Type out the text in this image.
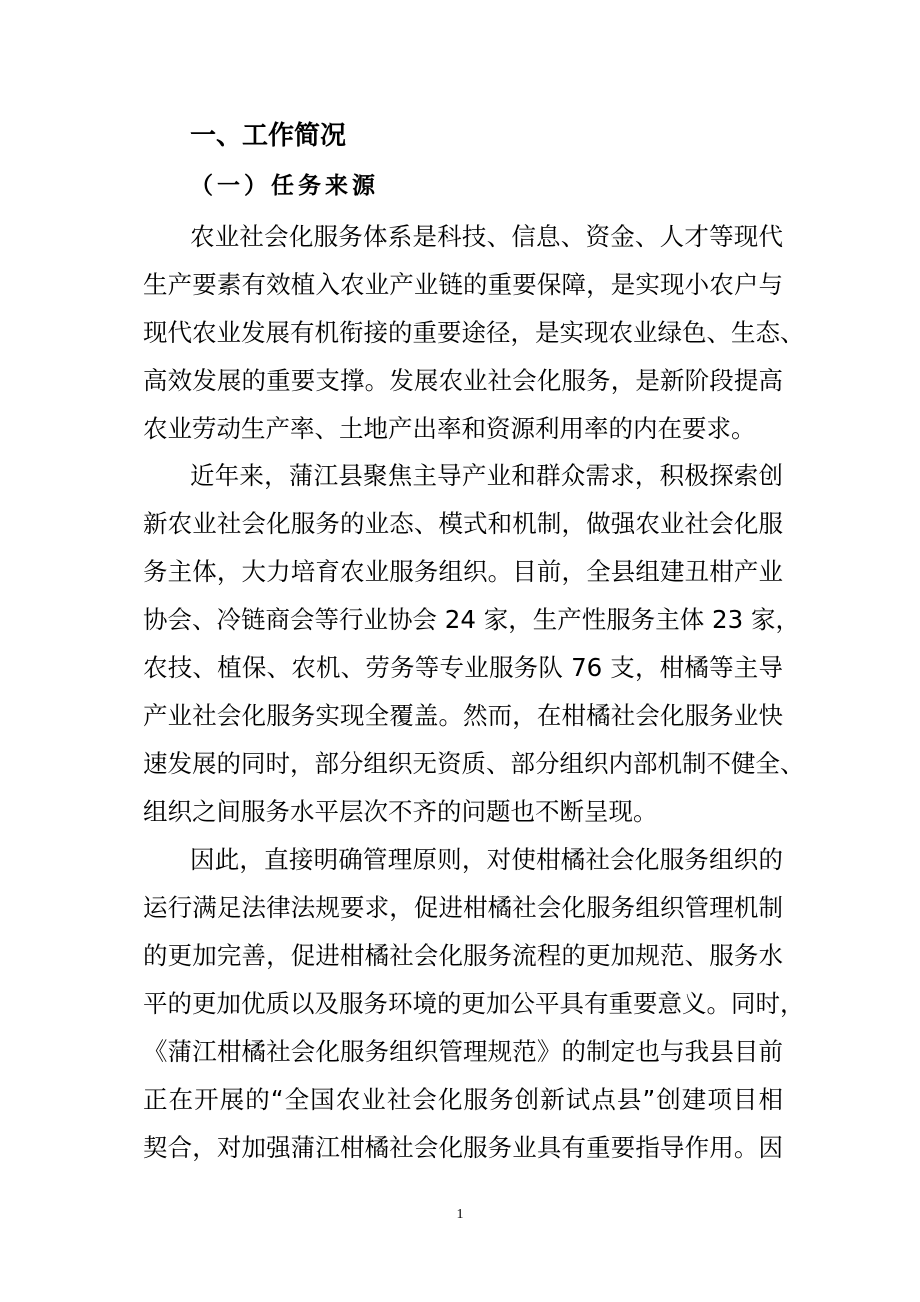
一、工作简况
（一）任务来源
农业社会化服务体系是科技、信息、资金、人才等现代
生产要素有效植入农业产业链的重要保障，是实现小农户与
现代农业发展有机衔接的重要途径，是实现农业绿色、生态、
高效发展的重要支撑。发展农业社会化服务，是新阶段提高
农业劳动生产率、土地产出率和资源利用率的内在要求。
近年来，蒲江县聚焦主导产业和群众需求，积极探索创
新农业社会化服务的业态、模式和机制，做强农业社会化服
务主体，大力培育农业服务组织。目前，全县组建丑柑产业
协会、冷链商会等行业协会 24 家，生产性服务主体 23 家，
农技、植保、农机、劳务等专业服务队 76 支，柑橘等主导
产业社会化服务实现全覆盖。然而，在柑橘社会化服务业快
速发展的同时，部分组织无资质、部分组织内部机制不健全、
组织之间服务水平层次不齐的问题也不断呈现。
因此，直接明确管理原则，对使柑橘社会化服务组织的
运行满足法律法规要求，促进柑橘社会化服务组织管理机制
的更加完善，促进柑橘社会化服务流程的更加规范、服务水
平的更加优质以及服务环境的更加公平具有重要意义。同时，
《蒲江柑橘社会化服务组织管理规范》的制定也与我县目前
正在开展的“全国农业社会化服务创新试点县”创建项目相
契合，对加强蒲江柑橘社会化服务业具有重要指导作用。因
1
